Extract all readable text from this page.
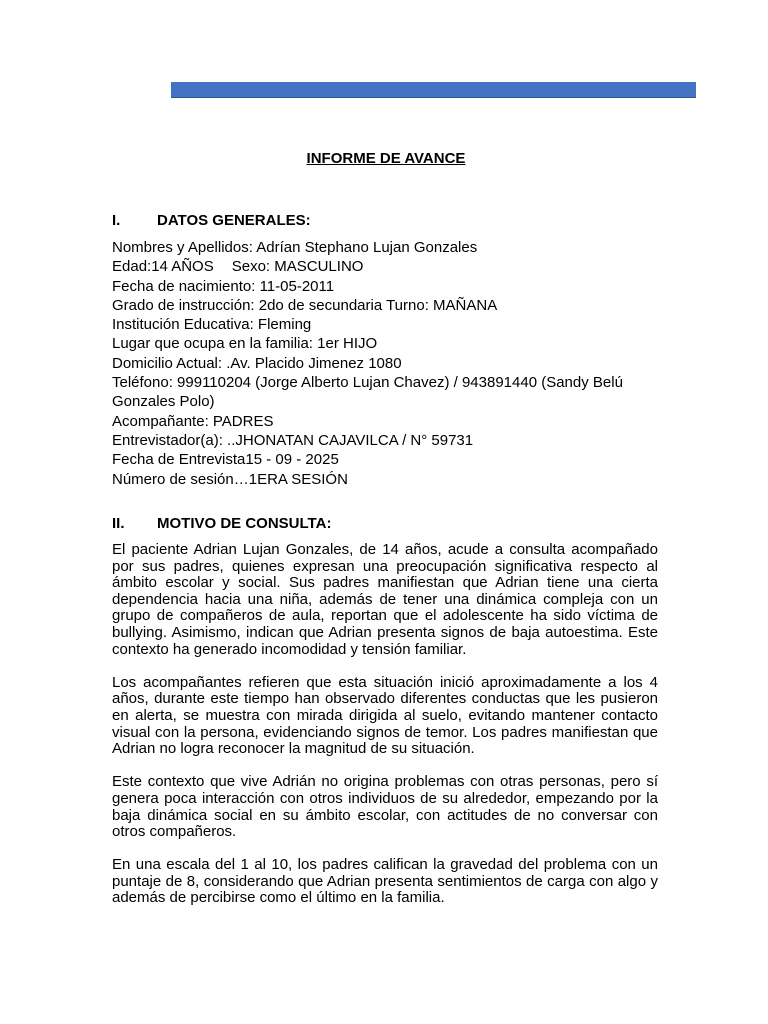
INFORME DE AVANCE
I. DATOS GENERALES:
Nombres y Apellidos: Adrían Stephano Lujan Gonzales
Edad:14 AÑOS Sexo: MASCULINO
Fecha de nacimiento: 11-05-2011
Grado de instrucción: 2do de secundaria Turno: MAÑANA
Institución Educativa: Fleming
Lugar que ocupa en la familia: 1er HIJO
Domicilio Actual: .Av. Placido Jimenez 1080
Teléfono: 999110204 (Jorge Alberto Lujan Chavez) / 943891440 (Sandy Belú Gonzales Polo)
Acompañante: PADRES
Entrevistador(a): ..JHONATAN CAJAVILCA / N° 59731
Fecha de Entrevista15 - 09 - 2025
Número de sesión…1ERA SESIÓN
II. MOTIVO DE CONSULTA:

El paciente Adrian Lujan Gonzales, de 14 años, acude a consulta acompañado por sus padres, quienes expresan una preocupación significativa respecto al ámbito escolar y social. Sus padres manifiestan que Adrian tiene una cierta dependencia hacia una niña, además de tener una dinámica compleja con un grupo de compañeros de aula, reportan que el adolescente ha sido víctima de bullying. Asimismo, indican que Adrian presenta signos de baja autoestima. Este contexto ha generado incomodidad y tensión familiar.

Los acompañantes refieren que esta situación inició aproximadamente a los 4 años, durante este tiempo han observado diferentes conductas que les pusieron en alerta, se muestra con mirada dirigida al suelo, evitando mantener contacto visual con la persona, evidenciando signos de temor. Los padres manifiestan que Adrian no logra reconocer la magnitud de su situación.

Este contexto que vive Adrián no origina problemas con otras personas, pero sí genera poca interacción con otros individuos de su alrededor, empezando por la baja dinámica social en su ámbito escolar, con actitudes de no conversar con otros compañeros.

En una escala del 1 al 10, los padres califican la gravedad del problema con un puntaje de 8, considerando que Adrian presenta sentimientos de carga con algo y además de percibirse como el último en la familia.
